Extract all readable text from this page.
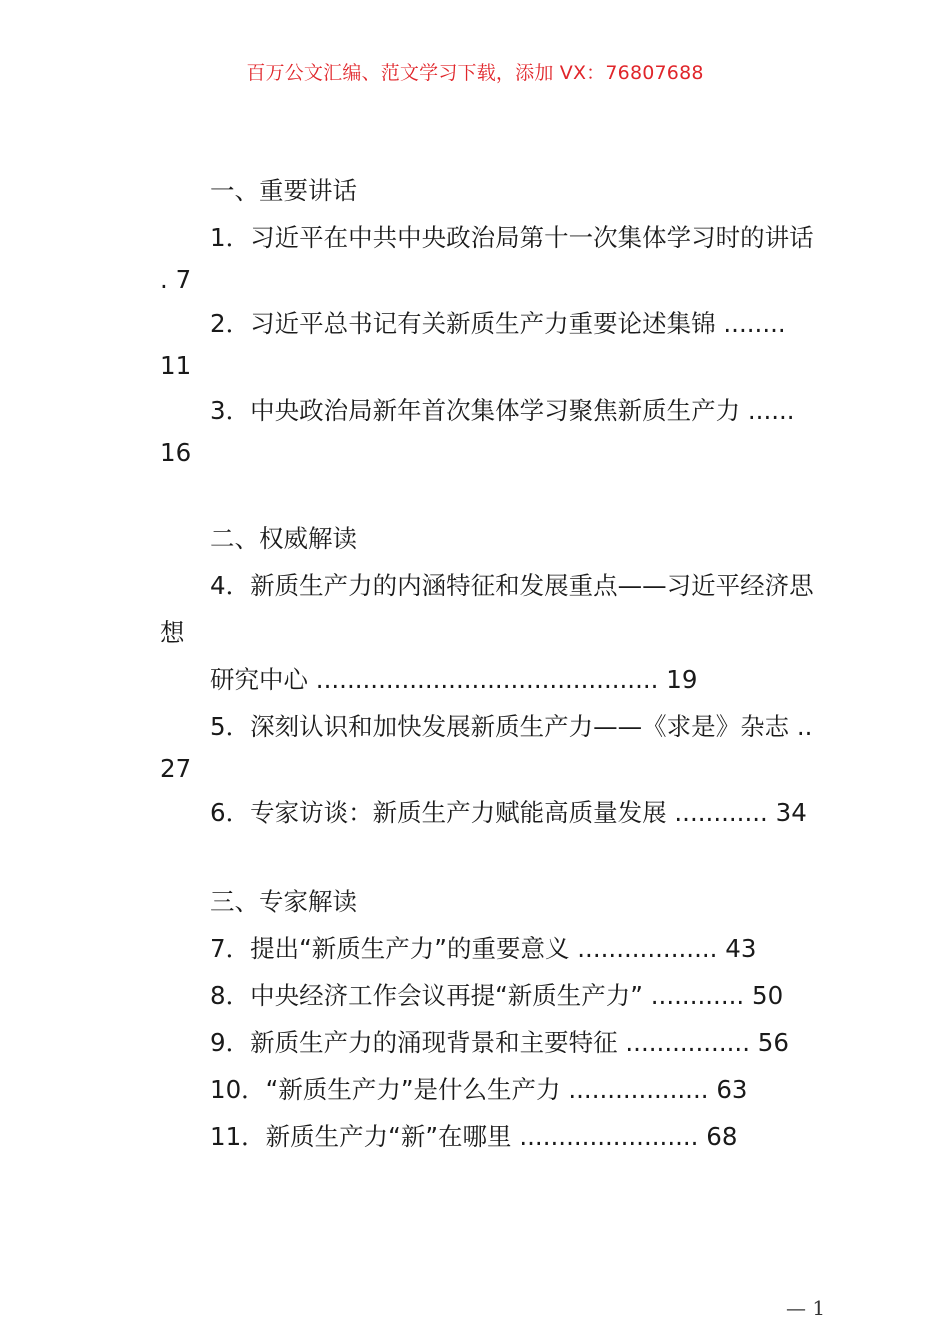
百万公文汇编、范文学习下载，添加 VX：76807688
一、重要讲话
1．习近平在中共中央政治局第十一次集体学习时的讲话
. 7
2．习近平总书记有关新质生产力重要论述集锦 ........
11
3．中央政治局新年首次集体学习聚焦新质生产力 ......
16
二、权威解读
4．新质生产力的内涵特征和发展重点——习近平经济思
想
研究中心 ............................................ 19
5．深刻认识和加快发展新质生产力——《求是》杂志 ..
27
6．专家访谈：新质生产力赋能高质量发展 ............ 34
三、专家解读
7．提出“新质生产力”的重要意义 .................. 43
8．中央经济工作会议再提“新质生产力” ............ 50
9．新质生产力的涌现背景和主要特征 ................ 56
10．“新质生产力”是什么生产力 .................. 63
11．新质生产力“新”在哪里 ....................... 68
— 1
